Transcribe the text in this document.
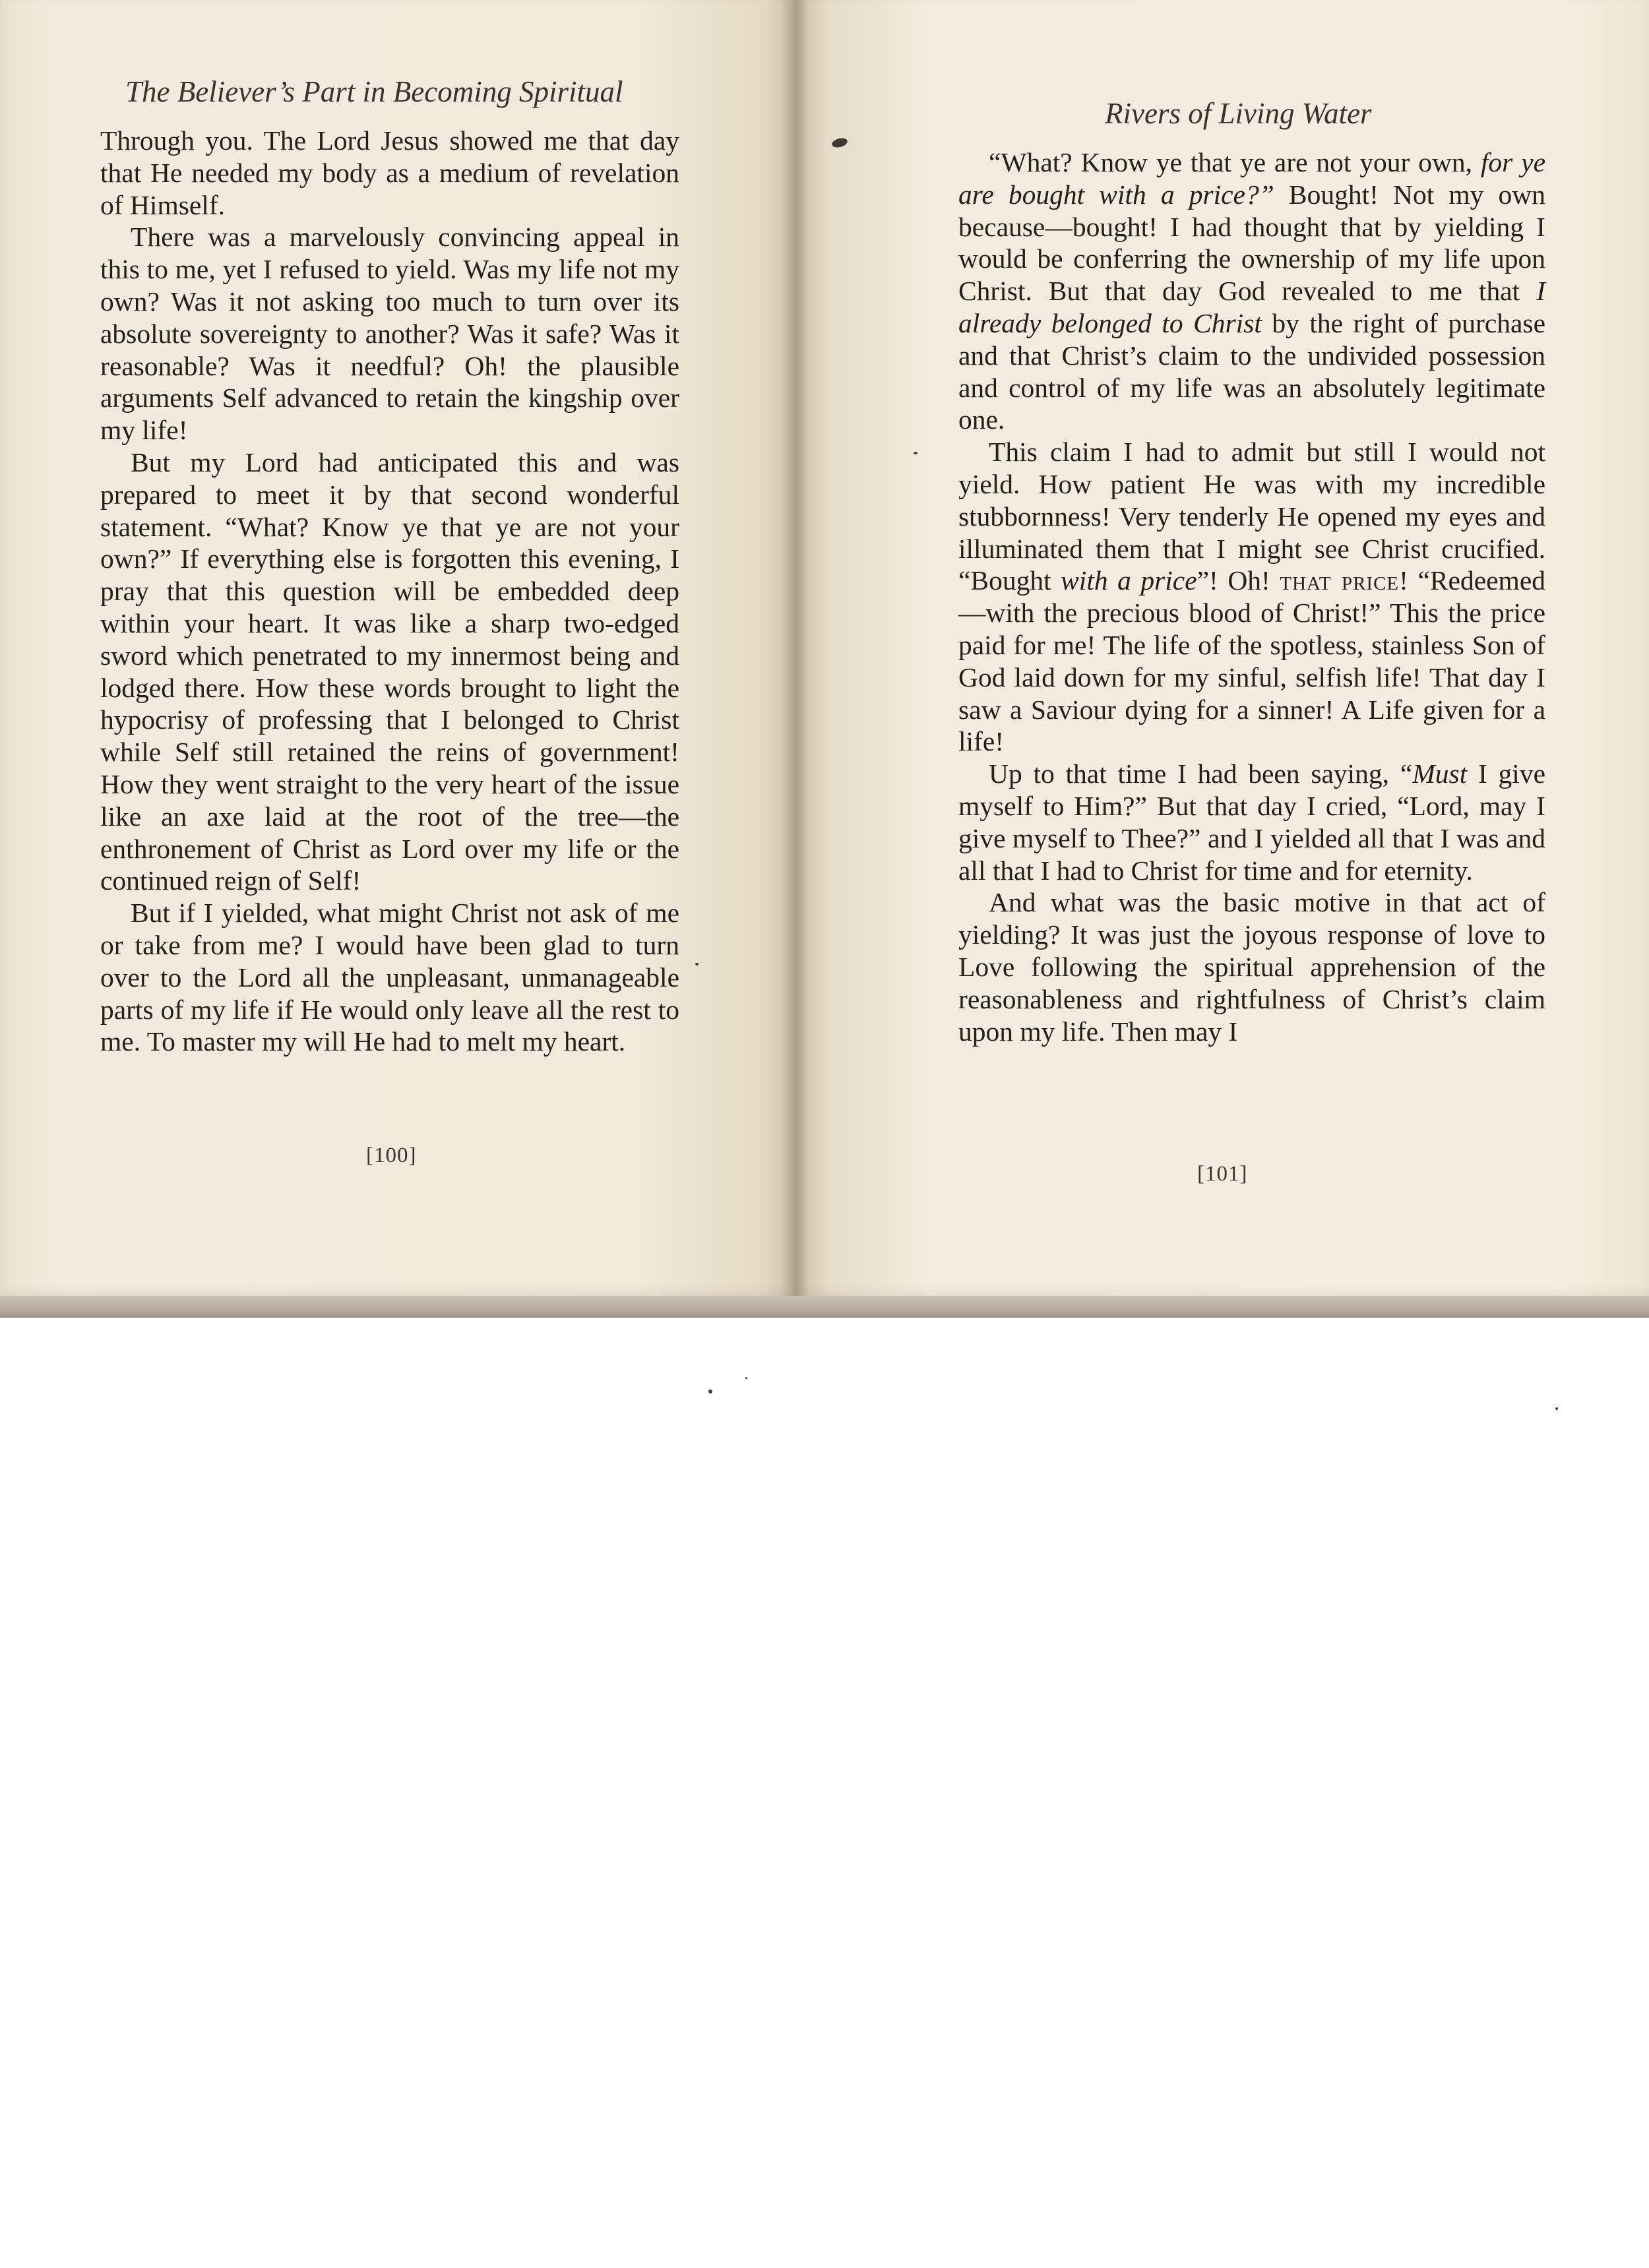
The Believer’s Part in Becoming Spiritual

Through you. The Lord Jesus showed me that day that He needed my body as a medium of revelation of Himself.

There was a marvelously convincing appeal in this to me, yet I refused to yield. Was my life not my own? Was it not asking too much to turn over its absolute sovereignty to another? Was it safe? Was it reasonable? Was it needful? Oh! the plausible arguments Self advanced to retain the kingship over my life!

But my Lord had anticipated this and was prepared to meet it by that second wonderful statement. “What? Know ye that ye are not your own?” If everything else is forgotten this evening, I pray that this question will be embedded deep within your heart. It was like a sharp two-edged sword which penetrated to my innermost being and lodged there. How these words brought to light the hypocrisy of professing that I belonged to Christ while Self still retained the reins of government! How they went straight to the very heart of the issue like an axe laid at the root of the tree—the enthronement of Christ as Lord over my life or the continued reign of Self!

But if I yielded, what might Christ not ask of me or take from me? I would have been glad to turn over to the Lord all the unpleasant, unmanageable parts of my life if He would only leave all the rest to me. To master my will He had to melt my heart.

[100]
Rivers of Living Water

“What? Know ye that ye are not your own, for ye are bought with a price?” Bought! Not my own because—bought! I had thought that by yielding I would be conferring the ownership of my life upon Christ. But that day God revealed to me that I already belonged to Christ by the right of purchase and that Christ’s claim to the undivided possession and control of my life was an absolutely legitimate one.

This claim I had to admit but still I would not yield. How patient He was with my incredible stubbornness! Very tenderly He opened my eyes and illuminated them that I might see Christ crucified. “Bought with a price”! Oh! that price! “Redeemed—with the precious blood of Christ!” This the price paid for me! The life of the spotless, stainless Son of God laid down for my sinful, selfish life! That day I saw a Saviour dying for a sinner! A Life given for a life!

Up to that time I had been saying, “Must I give myself to Him?” But that day I cried, “Lord, may I give myself to Thee?” and I yielded all that I was and all that I had to Christ for time and for eternity.

And what was the basic motive in that act of yielding? It was just the joyous response of love to Love following the spiritual apprehension of the reasonableness and rightfulness of Christ’s claim upon my life. Then may I

[101]
